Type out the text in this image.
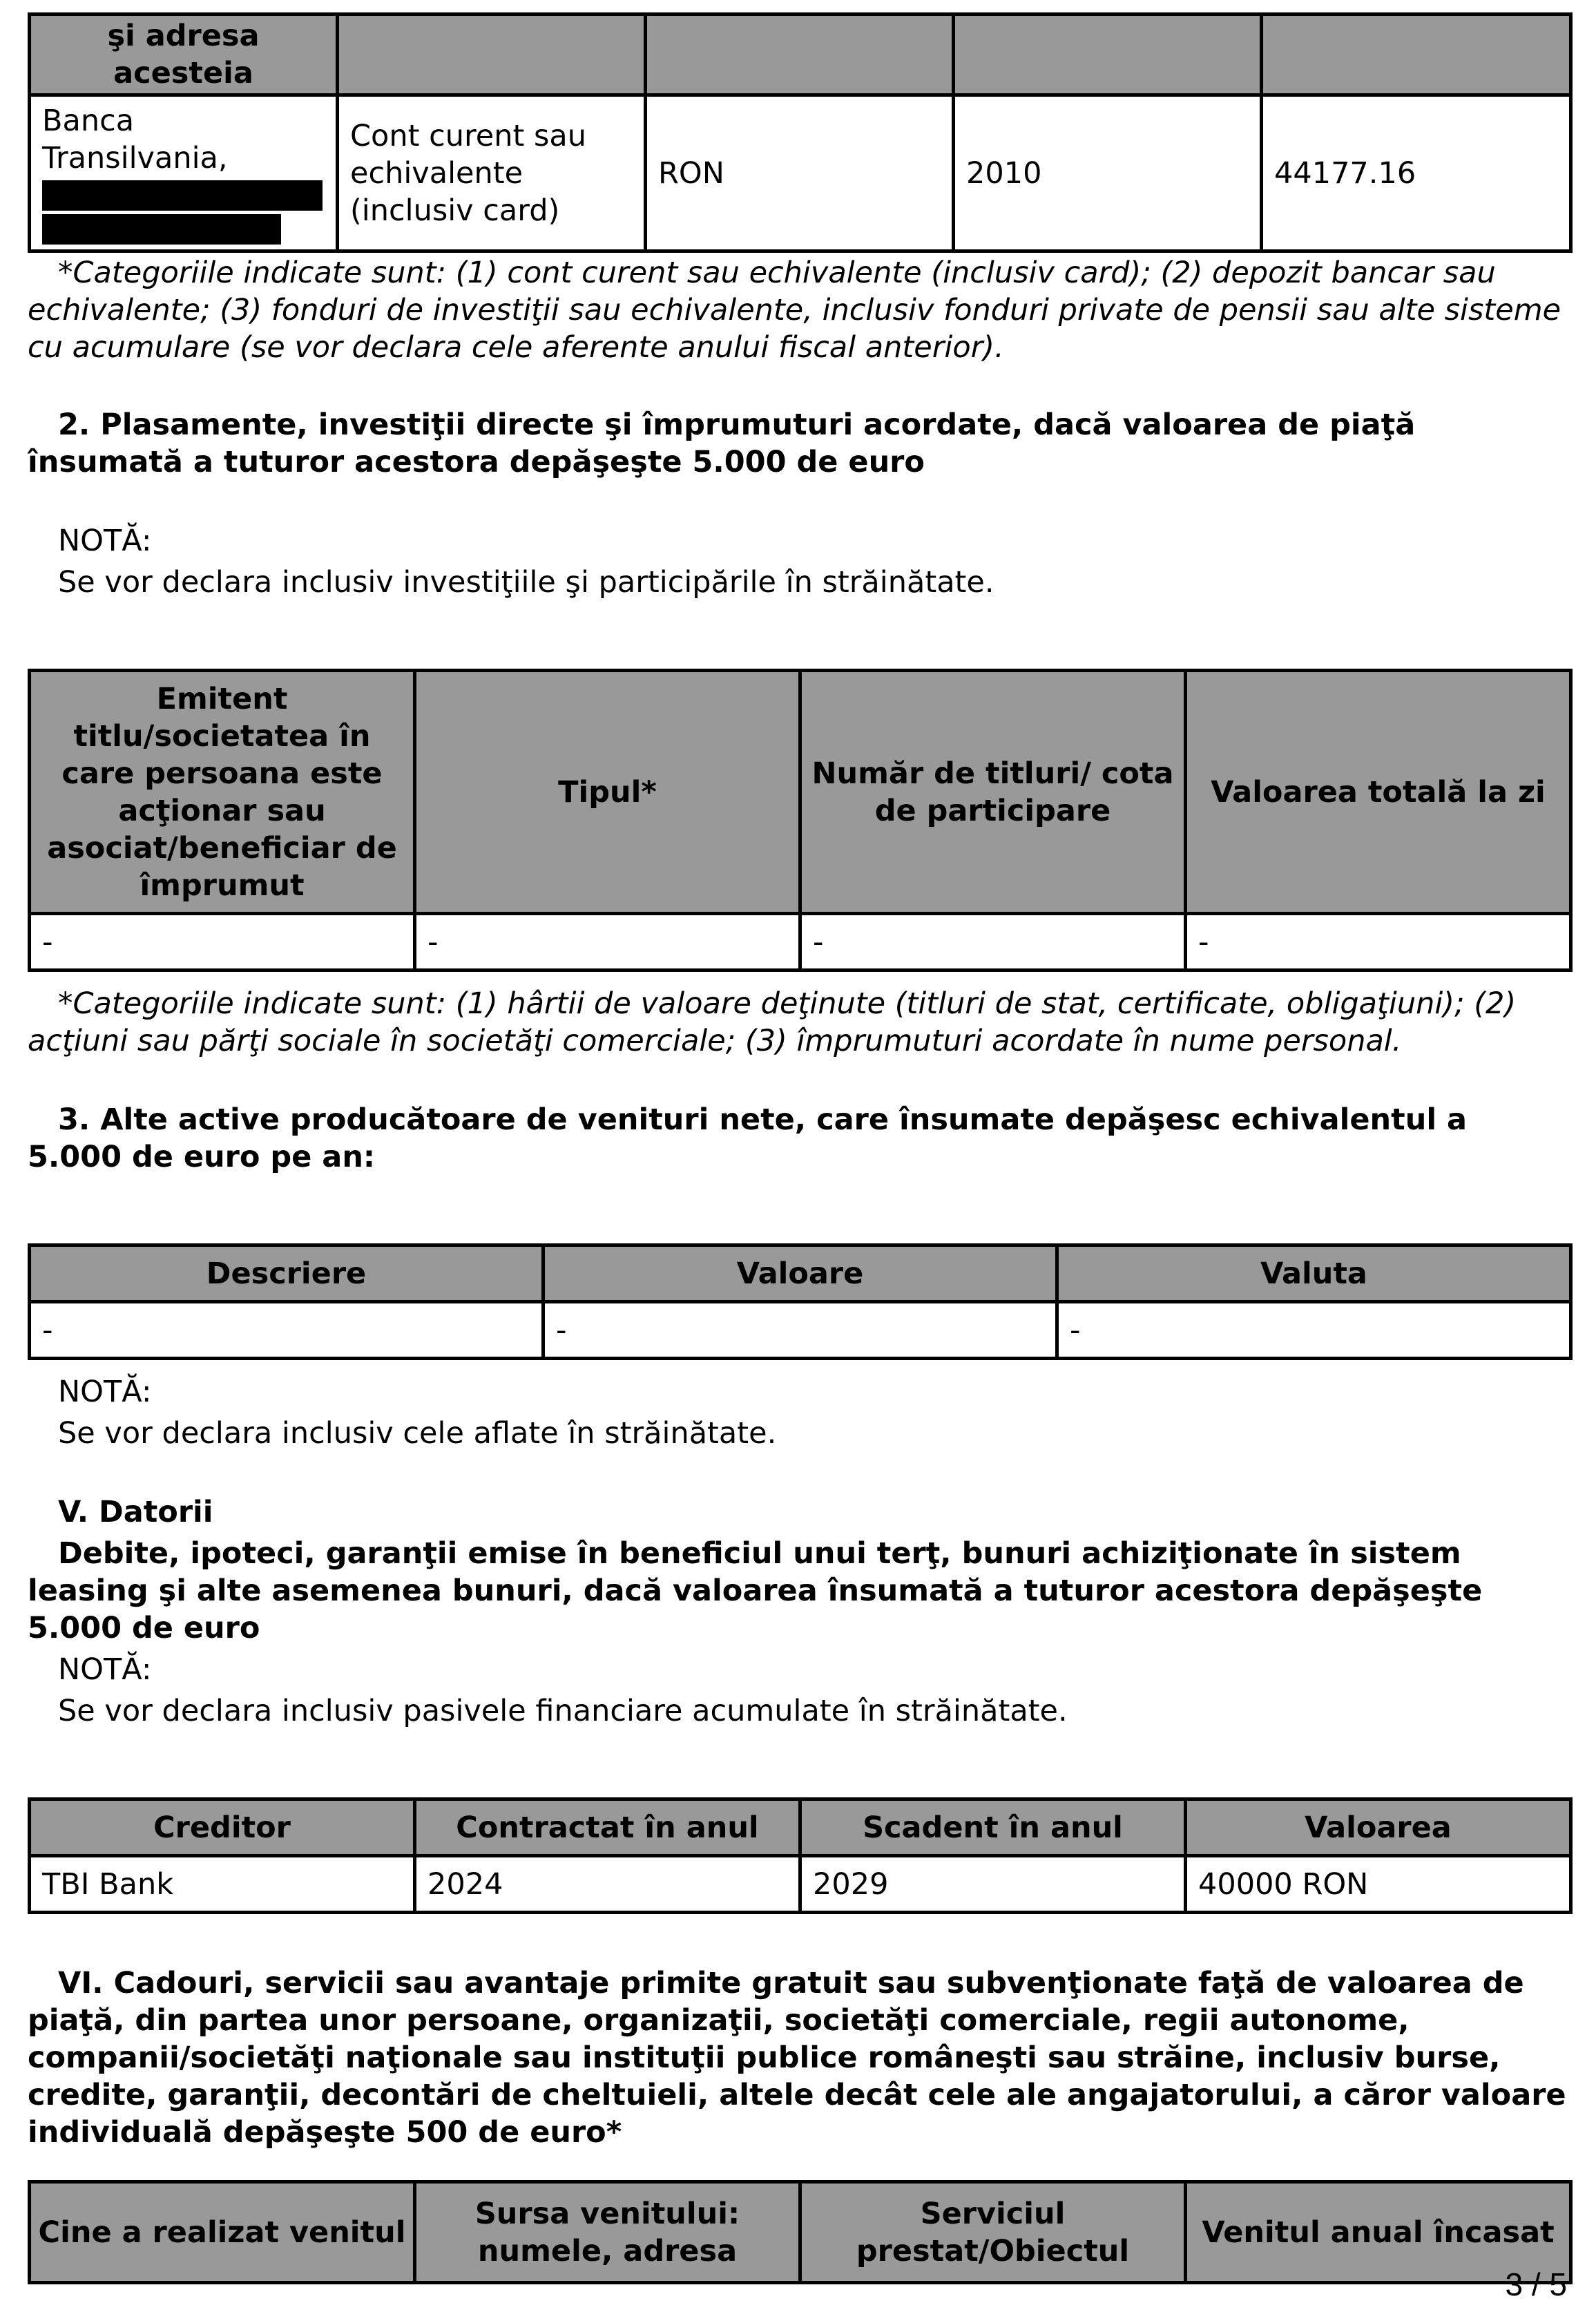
şi adresa acesteia				
Banca Transilvania,	Cont curent sau echivalente (inclusiv card)	RON	2010	44177.16

*Categoriile indicate sunt: (1) cont curent sau echivalente (inclusiv card); (2) depozit bancar sau echivalente; (3) fonduri de investiţii sau echivalente, inclusiv fonduri private de pensii sau alte sisteme cu acumulare (se vor declara cele aferente anului fiscal anterior).

2. Plasamente, investiţii directe şi împrumuturi acordate, dacă valoarea de piaţă însumată a tuturor acestora depăşeşte 5.000 de euro

NOTĂ:

Se vor declara inclusiv investiţiile şi participările în străinătate.

Emitent titlu/societatea în care persoana este acţionar sau asociat/beneficiar de împrumut	Tipul*	Număr de titluri/ cota de participare	Valoarea totală la zi
-	-	-	-

*Categoriile indicate sunt: (1) hârtii de valoare deţinute (titluri de stat, certificate, obligaţiuni); (2) acţiuni sau părţi sociale în societăţi comerciale; (3) împrumuturi acordate în nume personal.

3. Alte active producătoare de venituri nete, care însumate depăşesc echivalentul a 5.000 de euro pe an:

Descriere	Valoare	Valuta
-	-	-

NOTĂ:

Se vor declara inclusiv cele aflate în străinătate.

V. Datorii

Debite, ipoteci, garanţii emise în beneficiul unui terţ, bunuri achiziţionate în sistem leasing şi alte asemenea bunuri, dacă valoarea însumată a tuturor acestora depăşeşte 5.000 de euro

NOTĂ:

Se vor declara inclusiv pasivele financiare acumulate în străinătate.

Creditor	Contractat în anul	Scadent în anul	Valoarea
TBI Bank	2024	2029	40000 RON

VI. Cadouri, servicii sau avantaje primite gratuit sau subvenţionate faţă de valoarea de piaţă, din partea unor persoane, organizaţii, societăţi comerciale, regii autonome, companii/societăţi naţionale sau instituţii publice româneşti sau străine, inclusiv burse, credite, garanţii, decontări de cheltuieli, altele decât cele ale angajatorului, a căror valoare individuală depăşeşte 500 de euro*

Cine a realizat venitul	Sursa venitului: numele, adresa	Serviciul prestat/Obiectul	Venitul anual încasat
3 / 5
